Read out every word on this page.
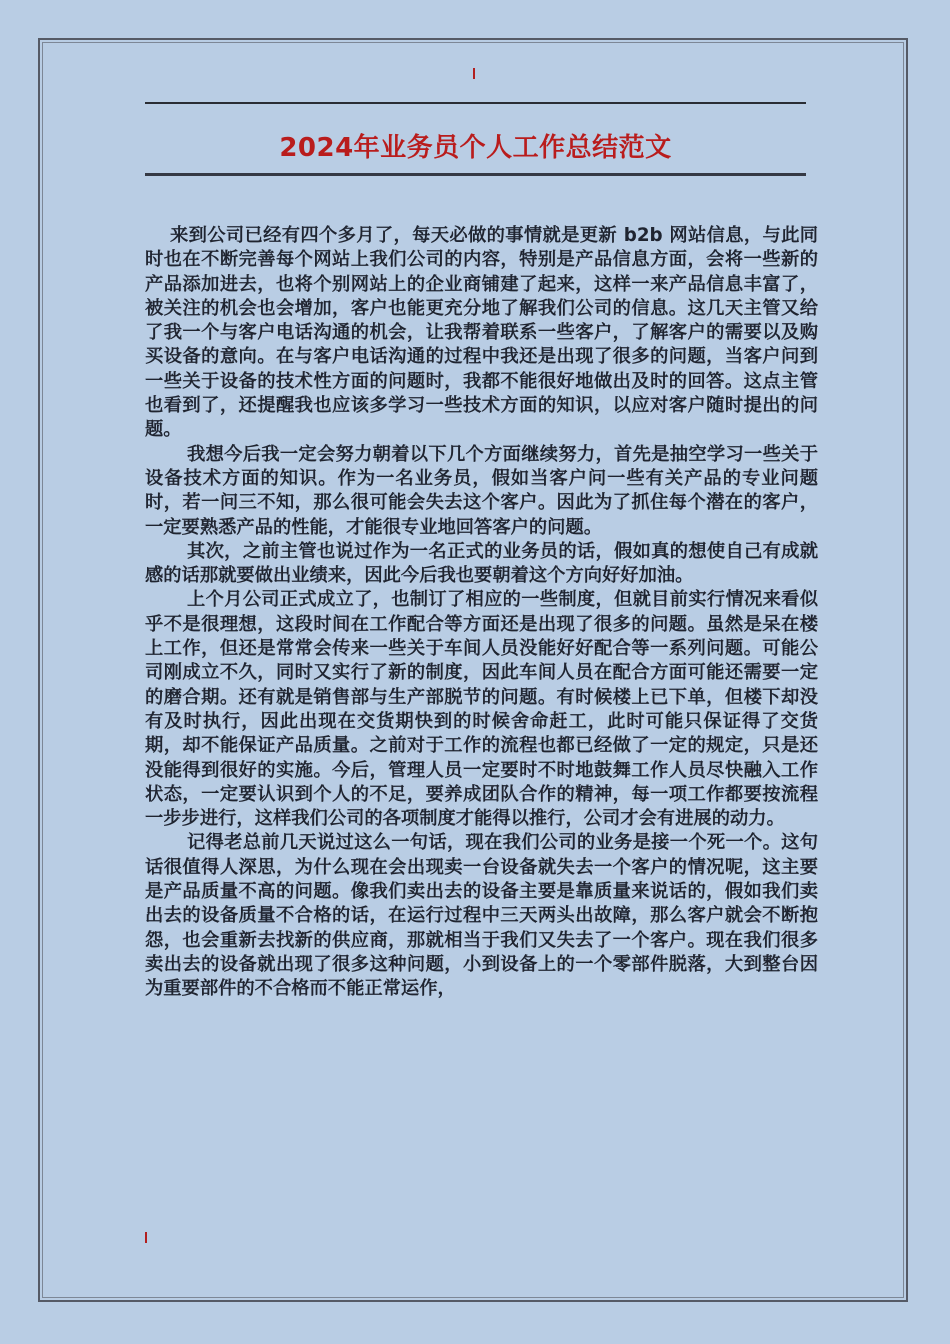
2024年业务员个人工作总结范文

来到公司已经有四个多月了，每天必做的事情就是更新 b2b 网站信息，与此同时也在不断完善每个网站上我们公司的内容，特别是产品信息方面，会将一些新的产品添加进去，也将个别网站上的企业商铺建了起来，这样一来产品信息丰富了，被关注的机会也会增加，客户也能更充分地了解我们公司的信息。这几天主管又给了我一个与客户电话沟通的机会，让我帮着联系一些客户，了解客户的需要以及购买设备的意向。在与客户电话沟通的过程中我还是出现了很多的问题，当客户问到一些关于设备的技术性方面的问题时，我都不能很好地做出及时的回答。这点主管也看到了，还提醒我也应该多学习一些技术方面的知识，以应对客户随时提出的问题。

我想今后我一定会努力朝着以下几个方面继续努力，首先是抽空学习一些关于设备技术方面的知识。作为一名业务员，假如当客户问一些有关产品的专业问题时，若一问三不知，那么很可能会失去这个客户。因此为了抓住每个潜在的客户，一定要熟悉产品的性能，才能很专业地回答客户的问题。

其次，之前主管也说过作为一名正式的业务员的话，假如真的想使自己有成就感的话那就要做出业绩来，因此今后我也要朝着这个方向好好加油。

上个月公司正式成立了，也制订了相应的一些制度，但就目前实行情况来看似乎不是很理想，这段时间在工作配合等方面还是出现了很多的问题。虽然是呆在楼上工作，但还是常常会传来一些关于车间人员没能好好配合等一系列问题。可能公司刚成立不久，同时又实行了新的制度，因此车间人员在配合方面可能还需要一定的磨合期。还有就是销售部与生产部脱节的问题。有时候楼上已下单，但楼下却没有及时执行，因此出现在交货期快到的时候舍命赶工，此时可能只保证得了交货期，却不能保证产品质量。之前对于工作的流程也都已经做了一定的规定，只是还没能得到很好的实施。今后，管理人员一定要时不时地鼓舞工作人员尽快融入工作状态，一定要认识到个人的不足，要养成团队合作的精神，每一项工作都要按流程一步步进行，这样我们公司的各项制度才能得以推行，公司才会有进展的动力。

记得老总前几天说过这么一句话，现在我们公司的业务是接一个死一个。这句话很值得人深思，为什么现在会出现卖一台设备就失去一个客户的情况呢，这主要是产品质量不高的问题。像我们卖出去的设备主要是靠质量来说话的，假如我们卖出去的设备质量不合格的话，在运行过程中三天两头出故障，那么客户就会不断抱怨，也会重新去找新的供应商，那就相当于我们又失去了一个客户。现在我们很多卖出去的设备就出现了很多这种问题，小到设备上的一个零部件脱落，大到整台因为重要部件的不合格而不能正常运作，
